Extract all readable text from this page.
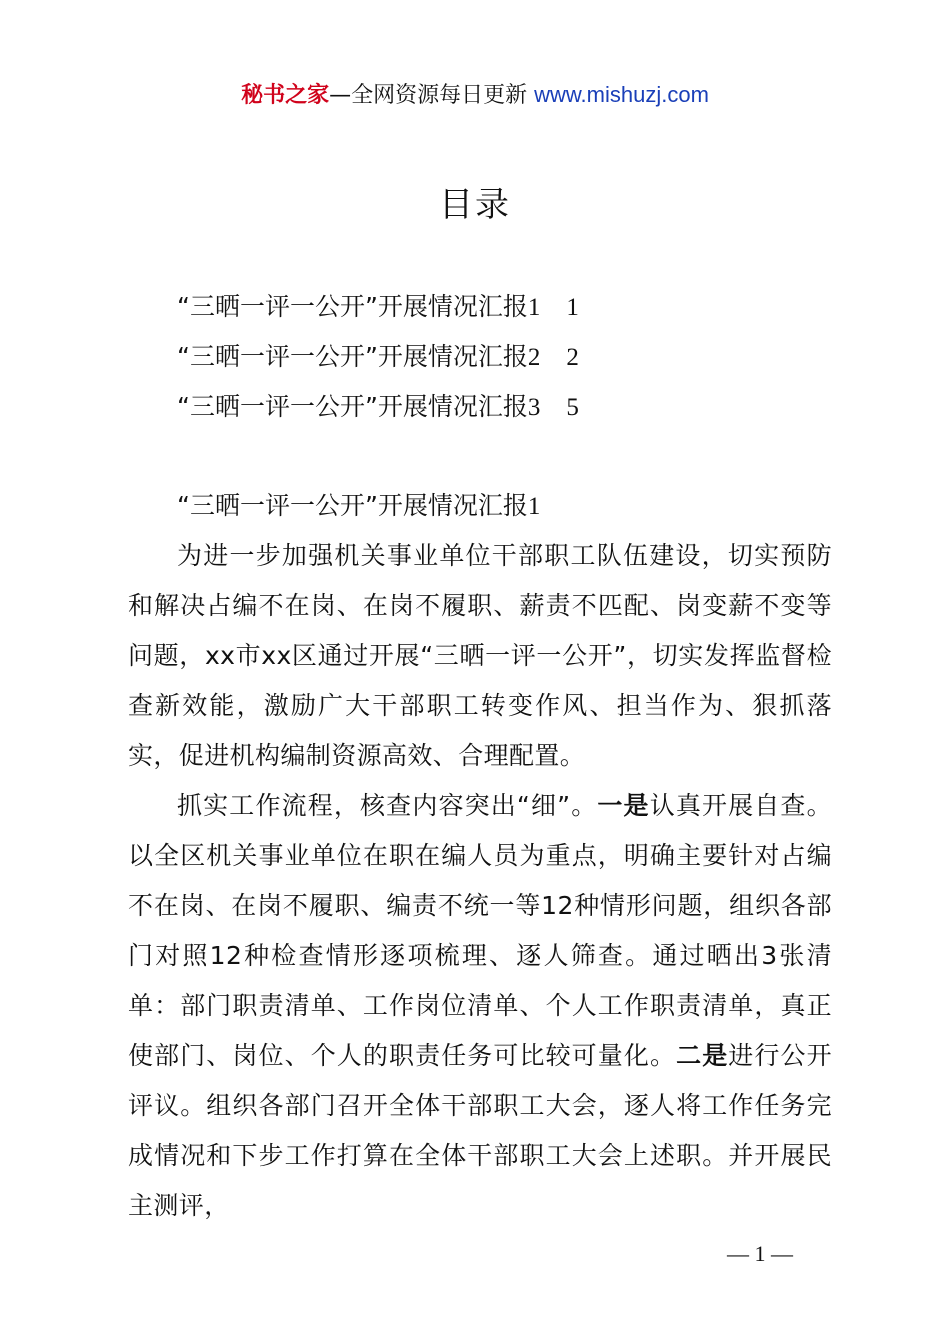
秘书之家—全网资源每日更新 www.mishuzj.com
目录
“三晒一评一公开”开展情况汇报1 1
“三晒一评一公开”开展情况汇报2 2
“三晒一评一公开”开展情况汇报3 5
“三晒一评一公开”开展情况汇报1

为进一步加强机关事业单位干部职工队伍建设，切实预防和解决占编不在岗、在岗不履职、薪责不匹配、岗变薪不变等问题，xx市xx区通过开展“三晒一评一公开”，切实发挥监督检查新效能，激励广大干部职工转变作风、担当作为、狠抓落实，促进机构编制资源高效、合理配置。

抓实工作流程，核查内容突出“细”。一是认真开展自查。以全区机关事业单位在职在编人员为重点，明确主要针对占编不在岗、在岗不履职、编责不统一等12种情形问题，组织各部门对照12种检查情形逐项梳理、逐人筛查。通过晒出3张清单：部门职责清单、工作岗位清单、个人工作职责清单，真正使部门、岗位、个人的职责任务可比较可量化。二是进行公开评议。组织各部门召开全体干部职工大会，逐人将工作任务完成情况和下步工作打算在全体干部职工大会上述职。并开展民主测评，

— 1 —
